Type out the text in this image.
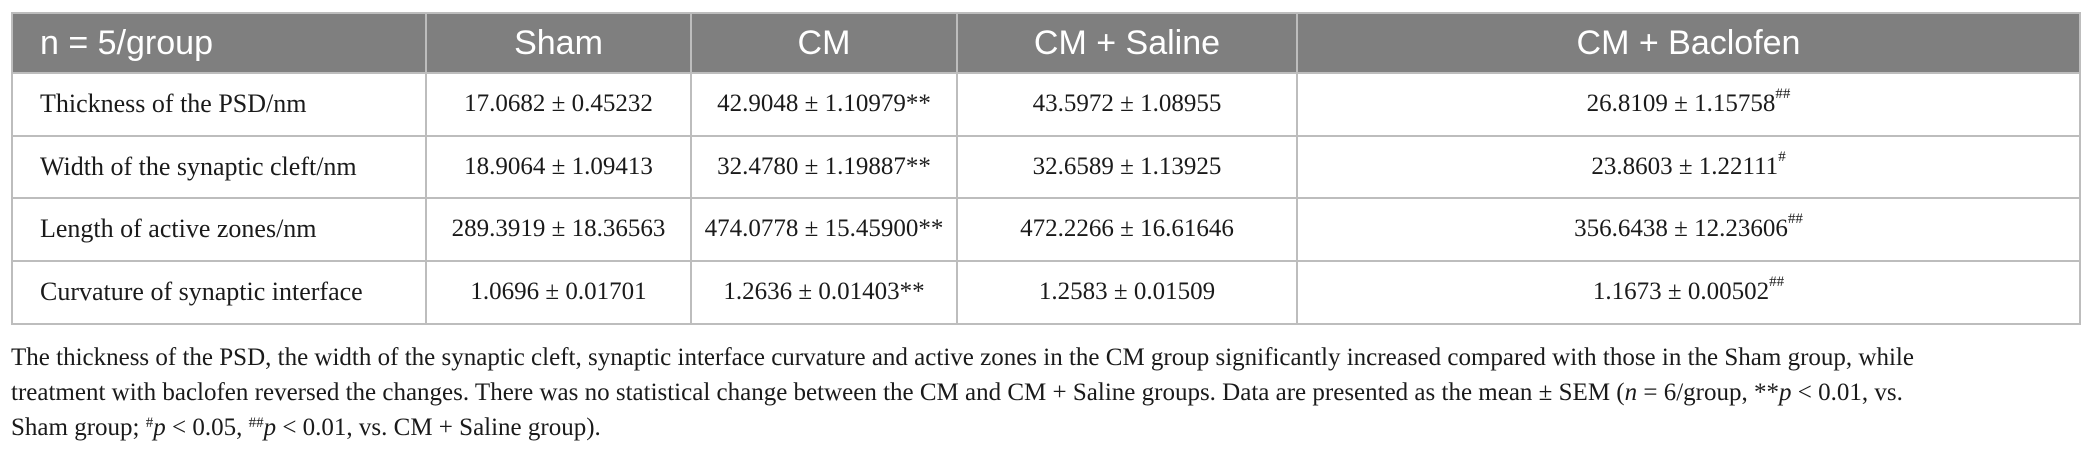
n = 5/group	Sham	CM	CM + Saline	CM + Baclofen
Thickness of the PSD/nm	17.0682 ± 0.45232	42.9048 ± 1.10979**	43.5972 ± 1.08955	26.8109 ± 1.15758##
Width of the synaptic cleft/nm	18.9064 ± 1.09413	32.4780 ± 1.19887**	32.6589 ± 1.13925	23.8603 ± 1.22111#
Length of active zones/nm	289.3919 ± 18.36563	474.0778 ± 15.45900**	472.2266 ± 16.61646	356.6438 ± 12.23606##
Curvature of synaptic interface	1.0696 ± 0.01701	1.2636 ± 0.01403**	1.2583 ± 0.01509	1.1673 ± 0.00502##
The thickness of the PSD, the width of the synaptic cleft, synaptic interface curvature and active zones in the CM group significantly increased compared with those in the Sham group, while
treatment with baclofen reversed the changes. There was no statistical change between the CM and CM + Saline groups. Data are presented as the mean ± SEM (n = 6/group, **p < 0.01, vs.
Sham group; #p < 0.05, ##p < 0.01, vs. CM + Saline group).
